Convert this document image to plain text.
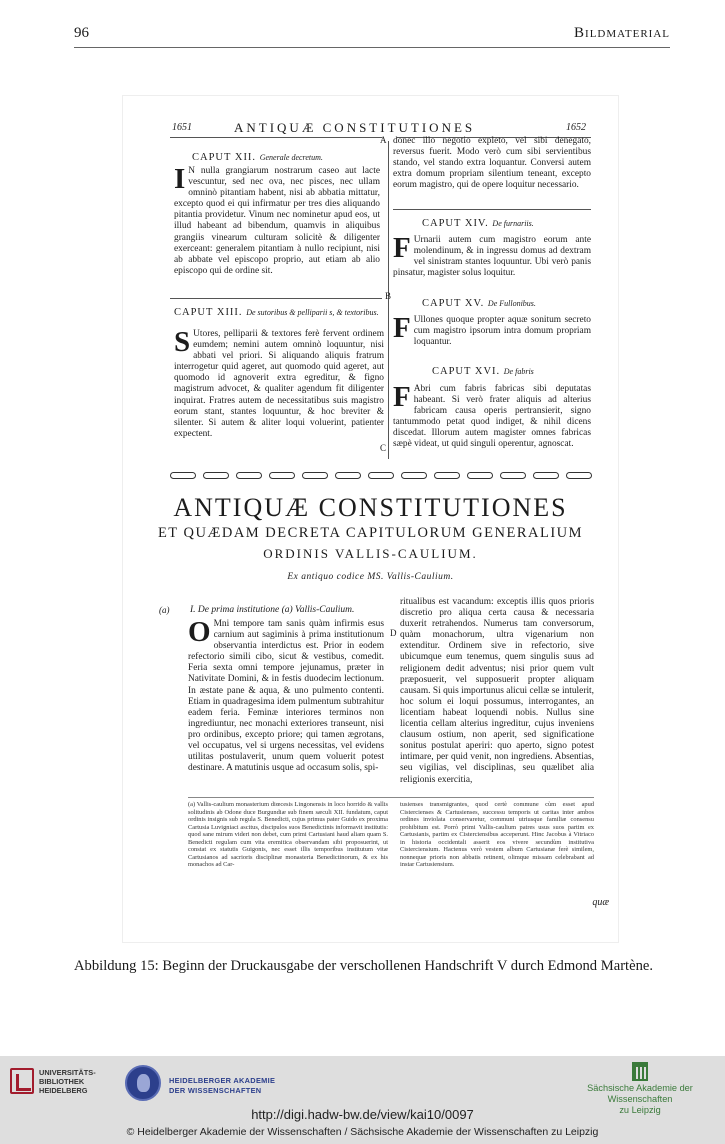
96	Bildmaterial
1651	ANTIQUÆ CONSTITUTIONES	1652
CAPUT XII. Generale decretum.
I N nulla grangiarum nostrarum caseo aut lacte vescuntur, sed nec ova, nec pisces, nec ullam omninò pitantiam habent, nisi ab abbatia mittatur, excepto quod ei qui infirmatur per tres dies aliquando pitantia providetur. Vinum nec nominetur apud eos, ut illud habeant ad bibendum, quamvis in aliquibus grangiis vinearum culturam solicitè & diligenter exerceant: generalem pitantiam à nullo recipiunt, nisi ab abbate vel episcopo proprio, aut etiam ab alio episcopo qui de ordine sit.
CAPUT XIII. De sutoribus & pelliparii s, & textoribus.
S Utores, pelliparii & textores ferè fervent ordinem eumdem; nemini autem omninò loquuntur, nisi abbati vel priori. Si aliquando aliquis fratrum interrogetur quid ageret, aut quomodo quid ageret, aut quomodo id agnoverit extra egreditur, & figno magistrum advocet, & qualiter agendum fit diligenter inquirat. Fratres autem de necessitatibus suis magistro eorum stant, stantes loquuntur, & hoc breviter & silenter. Si autem & aliter loqui voluerint, patienter expectent.
A
B
C
donec illo negotio expleto, vel sibi denegato, reversus fuerit. Modo verò cum sibi servientibus stando, vel stando extra loquantur. Conversi autem extra domum propriam silentium teneant, excepto eorum magistro, qui de opere loquitur necessario.
CAPUT XIV. De furnariis.
F Urnarii autem cum magistro eorum ante molendinum, & in ingressu domus ad dextram vel sinistram stantes loquuntur. Ubi verò panis pinsatur, magister solus loquitur.
CAPUT XV. De Fullonibus.
F Ullones quoque propter aquæ sonitum secreto cum magistro ipsorum intra domum propriam loquantur.
CAPUT XVI. De fabris
F Abri cum fabris fabricas sibi deputatas habeant. Si verò frater aliquis ad alterius fabricam causa operis pertransierit, signo tantummodo petat quod indiget, & nihil dicens discedat. Illorum autem magister omnes fabricas sæpè videat, ut quid singuli operentur, agnoscat.
ANTIQUÆ CONSTITUTIONES
ET QUÆDAM DECRETA CAPITULORUM GENERALIUM
ORDINIS VALLIS-CAULIUM.
Ex antiquo codice MS. Vallis-Caulium.
(a) I. De prima institutione (a) Vallis-Caulium.
O Mni tempore tam sanis quàm infirmis esus carnium aut sagiminis à prima institutionum observantia interdictus est. Prior in eodem refectorio simili cibo, sicut & vestibus, comedit. Feria sexta omni tempore jejunamus, præter in Nativitate Domini, & in festis duodecim lectionum. In æstate pane & aqua, & uno pulmento contenti. Etiam in quadragesima idem pulmentum subtrahitur eadem feria. Feminæ interiores terminos non ingrediuntur, nec monachi exteriores transeunt, nisi pro ordinibus, excepto priore; qui tamen ægrotans, vel occupatus, vel si urgens necessitas, vel evidens utilitas postulaverit, unum quem voluerit potest destinare. A matutinis usque ad occasum solis, spi-
D
ritualibus est vacandum: exceptis illis quos prioris discretio pro aliqua certa causa & necessaria duxerit retrahendos. Numerus tam conversorum, quàm monachorum, ultra vigenarium non extenditur. Ordinem sive in refectorio, sive ubicumque eum tenemus, quem singulis suus ad religionem dedit adventus; nisi prior quem vult præposuerit, vel supposuerit propter aliquam causam. Si quis importunus alicui cellæ se intulerit, hoc solum ei loqui possumus, interrogantes, an licentiam habeat loquendi nobis. Nullus sine licentia cellam alterius ingreditur, cujus inveniens clausum ostium, non aperit, sed significatione sonitus postulat aperiri: quo aperto, signo potest intimare, per quid venit, non ingrediens. Absentias, seu vigilias, vel disciplinas, seu quælibet alia religionis exercitia,
(a) Vallis-caulium monasterium diœcesis Lingonensis in loco horrido & vallis solitudinis ab Odone duce Burgundiæ sub finem sæculi XII. fundatum, caput ordinis insignis sub regula S. Benedicti, cujus primus pater Guido ex proxima Cartusia Luvigniaci ascitus, discipulos suos Benedictinis informavit institutis: quod sane mirum videri non debet, cum primi Cartusiani haud aliam quam S. Benedicti regulam cum vita eremitica observandam sibi proposuerint, ut constat ex statutis Guigonis, nec esset illis temporibus institutum vitæ Cartusianos ad sacrioris disciplinæ monasteria Benedictinorum, & ex his monachos ad Car-
tusienses transmigrantes, quod certè commune cùm esset apud Cistercienses & Cartusienses, successu temporis ut caritas inter ambos ordines inviolata conservaretur, communi utriusque familiæ consensu prohibitum est. Porrò primi Vallis-caulium patres usus suos partim ex Cartusianis, partim ex Cisterciensibus acceperunt. Hinc Jacobus à Vitriaco in historia occidentali asserit eos vivere secundùm institutiva Cisterciensium. Hactenus verò vestem album Cartusianæ ferè similem, nonnequæ prioris non abbatis retinent, olimque missam celebrabant ad instar Cartusiensium.
quæ
Abbildung 15: Beginn der Druckausgabe der verschollenen Handschrift V durch Edmond Martène.
UNIVERSITÄTS-
BIBLIOTHEK
HEIDELBERG
HEIDELBERGER AKADEMIE
DER WISSENSCHAFTEN	Sächsische Akademie der Wissenschaften
zu Leipzig
http://digi.hadw-bw.de/view/kai10/0097
© Heidelberger Akademie der Wissenschaften / Sächsische Akademie der Wissenschaften zu Leipzig
